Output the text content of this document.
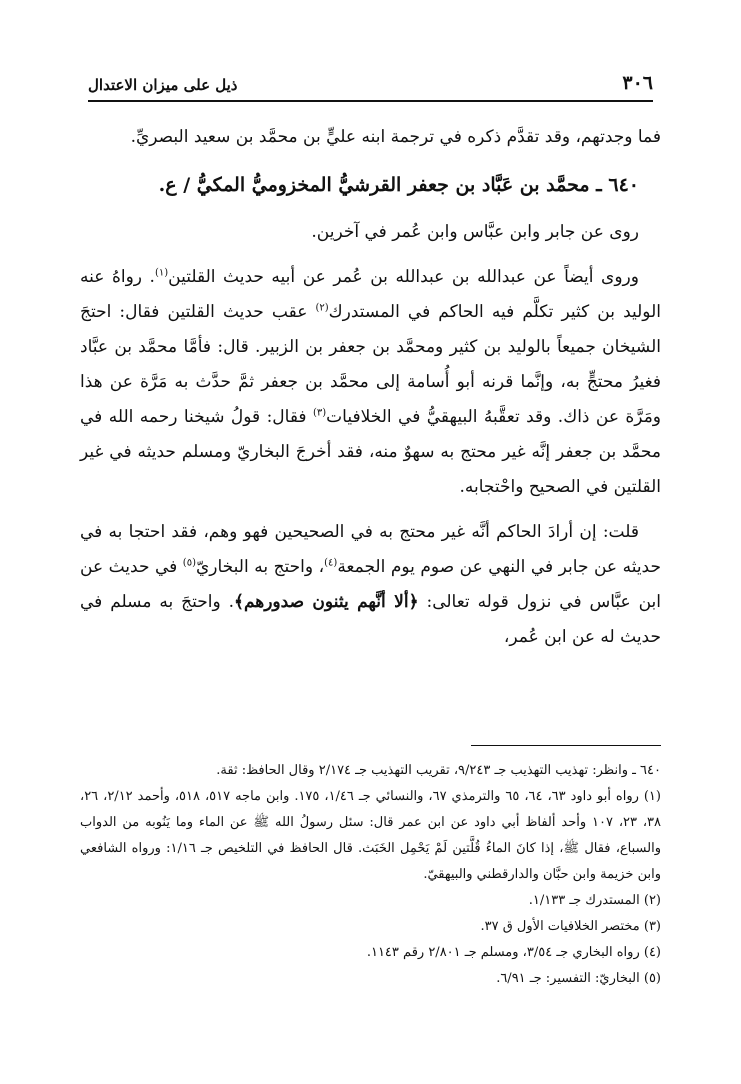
٣٠٦
ذيل على ميزان الاعتدال

فما وجدتهم، وقد تقدَّم ذكره في ترجمة ابنه عليٍّ بن محمَّد بن سعيد البصريِّ.

٦٤٠ ـ محمَّد بن عَبَّاد بن جعفر القرشيُّ المخزوميُّ المكيُّ / ع.

روى عن جابر وابن عبَّاس وابن عُمر في آخرين.

وروى أيضاً عن عبدالله بن عبدالله بن عُمر عن أبيه حديث القلتين$^{(١)}$. رواهُ عنه الوليد بن كثير تكلَّم فيه الحاكم في المستدرك$^{(٢)}$ عقب حديث القلتين فقال: احتجَ الشيخان جميعاً بالوليد بن كثير ومحمَّد بن جعفر بن الزبير. قال: فأمَّا محمَّد بن عبَّاد فغيرُ محتجٍّ به، وإنَّما قرنه أبو أُسامة إلى محمَّد بن جعفر ثمَّ حدَّث به مَرَّة عن هذا ومَرَّة عن ذاك. وقد تعقَّبهُ البيهقيُّ في الخلافيات$^{(٣)}$ فقال: قولُ شيخنا رحمه الله في محمَّد بن جعفر إنَّه غير محتج به سهوٌ منه، فقد أخرجَ البخاريّ ومسلم حديثه في غير القلتين في الصحيح واحْتجابه.

قلت: إن أرادَ الحاكم أنَّه غير محتج به في الصحيحين فهو وهم، فقد احتجا به في حديثه عن جابر في النهي عن صوم يوم الجمعة$^{(٤)}$، واحتج به البخاريّ$^{(٥)}$ في حديث عن ابن عبَّاس في نزول قوله تعالى: ﴿ألا أنَّهم يثنون صدورهم﴾. واحتجَ به مسلم في حديث له عن ابن عُمر،

٦٤٠ ـ وانظر: تهذيب التهذيب جـ ٩/٢٤٣، تقريب التهذيب جـ ٢/١٧٤ وقال الحافظ: ثقة.

(١) رواه أبو داود ٦٣، ٦٤، ٦٥ والترمذي ٦٧، والنسائي جـ ١/٤٦، ١٧٥. وابن ماجه ٥١٧، ٥١٨، وأحمد ٢/١٢، ٢٦، ٣٨، ٢٣، ١٠٧ وأحد ألفاظ أبي داود عن ابن عمر قال: سئل رسولُ الله ﷺ عن الماء وما يَنُوبه من الدواب والسباع، فقال ﷺ، إذا كانَ الماءُ قُلَّتين لَمْ يَحْمِل الخَبَث. قال الحافظ في التلخيص جـ ١/١٦: ورواه الشافعي وابن خزيمة وابن حبَّان والدارقطني والبيهقيّ.

(٢) المستدرك جـ ١/١٣٣.

(٣) مختصر الخلافيات الأول ق ٣٧.

(٤) رواه البخاري جـ ٣/٥٤، ومسلم جـ ٢/٨٠١ رقم ١١٤٣.

(٥) البخاريّ: التفسير: جـ ٦/٩١.
